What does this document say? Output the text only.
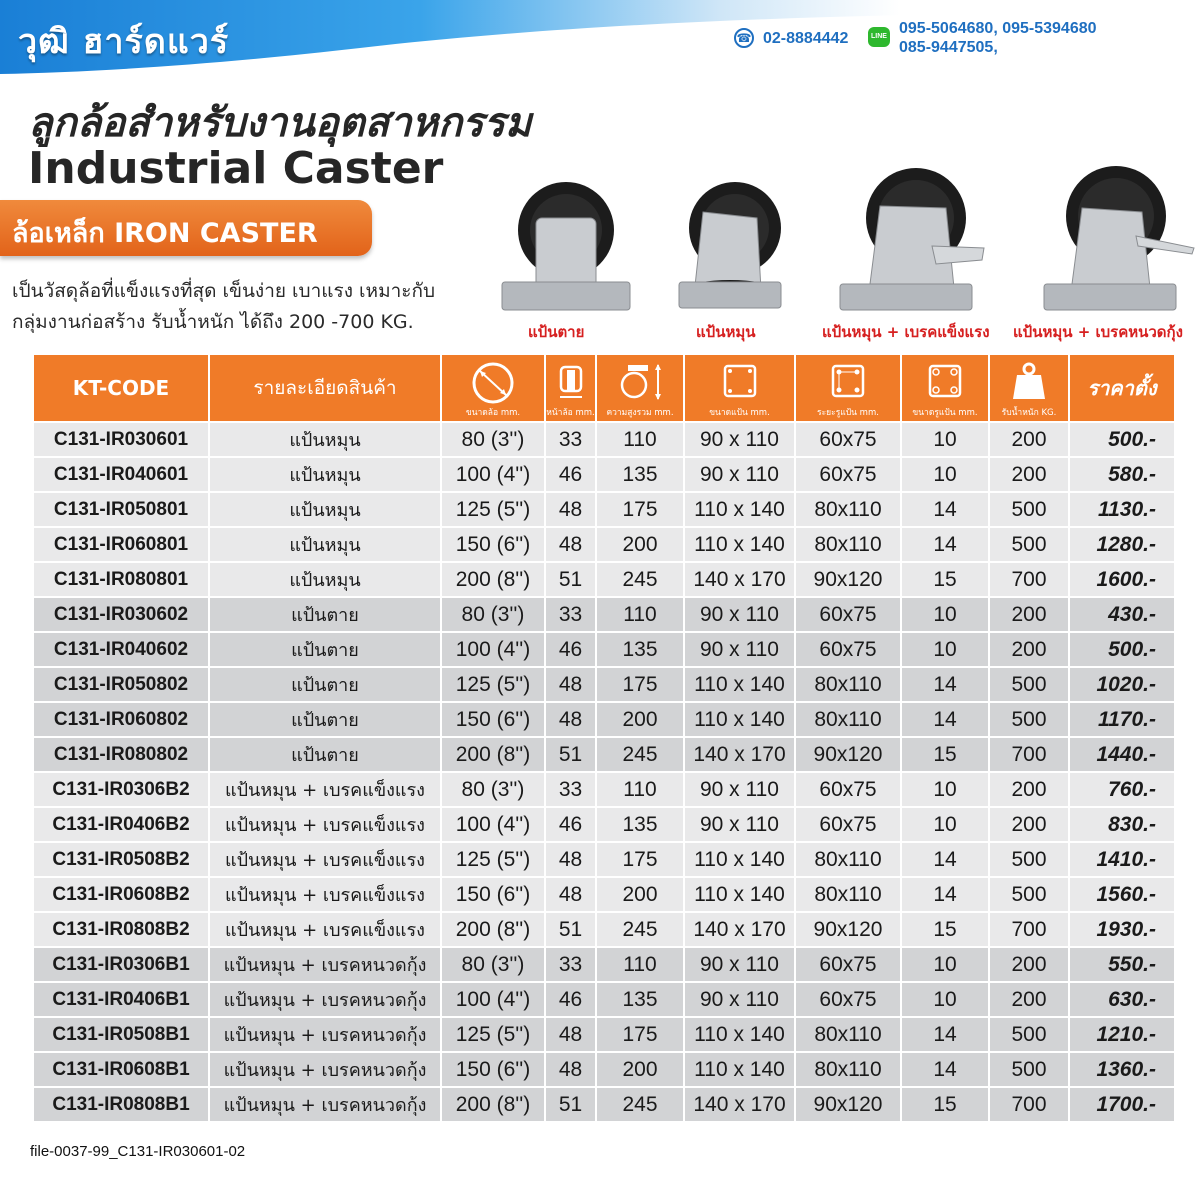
วุฒิ ฮาร์ดแวร์	☎ 02-8884442	LINE 095-5064680, 095-5394680
085-9447505,
ลูกล้อสำหรับงานอุตสาหกรรม
Industrial Caster
ล้อเหล็ก IRON CASTER
เป็นวัสดุล้อที่แข็งแรงที่สุด เข็นง่าย เบาแรง เหมาะกับ
กลุ่มงานก่อสร้าง รับน้ำหนัก ได้ถึง 200 -700 KG.	แป้นตาย	แป้นหมุน	แป้นหมุน + เบรคแข็งแรง แป้นหมุน + เบรคหนวดกุ้ง
KT-CODE	รายละเอียดสินค้า	ขนาดล้อ mm.	หน้าล้อ mm.	ความสูงรวม mm.	ขนาดแป้น mm.	ระยะรูแป้น mm.	ขนาดรูแป้น mm.	รับน้ำหนัก KG.	ราคาตั้ง
C131-IR030601	แป้นหมุน	80 (3'')	33	110	90 x 110	60x75	10	200	500.-
C131-IR040601	แป้นหมุน	100 (4'')	46	135	90 x 110	60x75	10	200	580.-
C131-IR050801	แป้นหมุน	125 (5'')	48	175	110 x 140	80x110	14	500	1130.-
C131-IR060801	แป้นหมุน	150 (6'')	48	200	110 x 140	80x110	14	500	1280.-
C131-IR080801	แป้นหมุน	200 (8'')	51	245	140 x 170	90x120	15	700	1600.-
C131-IR030602	แป้นตาย	80 (3'')	33	110	90 x 110	60x75	10	200	430.-
C131-IR040602	แป้นตาย	100 (4'')	46	135	90 x 110	60x75	10	200	500.-
C131-IR050802	แป้นตาย	125 (5'')	48	175	110 x 140	80x110	14	500	1020.-
C131-IR060802	แป้นตาย	150 (6'')	48	200	110 x 140	80x110	14	500	1170.-
C131-IR080802	แป้นตาย	200 (8'')	51	245	140 x 170	90x120	15	700	1440.-
C131-IR0306B2	แป้นหมุน + เบรคแข็งแรง	80 (3'')	33	110	90 x 110	60x75	10	200	760.-
C131-IR0406B2	แป้นหมุน + เบรคแข็งแรง	100 (4'')	46	135	90 x 110	60x75	10	200	830.-
C131-IR0508B2	แป้นหมุน + เบรคแข็งแรง	125 (5'')	48	175	110 x 140	80x110	14	500	1410.-
C131-IR0608B2	แป้นหมุน + เบรคแข็งแรง	150 (6'')	48	200	110 x 140	80x110	14	500	1560.-
C131-IR0808B2	แป้นหมุน + เบรคแข็งแรง	200 (8'')	51	245	140 x 170	90x120	15	700	1930.-
C131-IR0306B1	แป้นหมุน + เบรคหนวดกุ้ง	80 (3'')	33	110	90 x 110	60x75	10	200	550.-
C131-IR0406B1	แป้นหมุน + เบรคหนวดกุ้ง	100 (4'')	46	135	90 x 110	60x75	10	200	630.-
C131-IR0508B1	แป้นหมุน + เบรคหนวดกุ้ง	125 (5'')	48	175	110 x 140	80x110	14	500	1210.-
C131-IR0608B1	แป้นหมุน + เบรคหนวดกุ้ง	150 (6'')	48	200	110 x 140	80x110	14	500	1360.-
C131-IR0808B1	แป้นหมุน + เบรคหนวดกุ้ง	200 (8'')	51	245	140 x 170	90x120	15	700	1700.-
file-0037-99_C131-IR030601-02
